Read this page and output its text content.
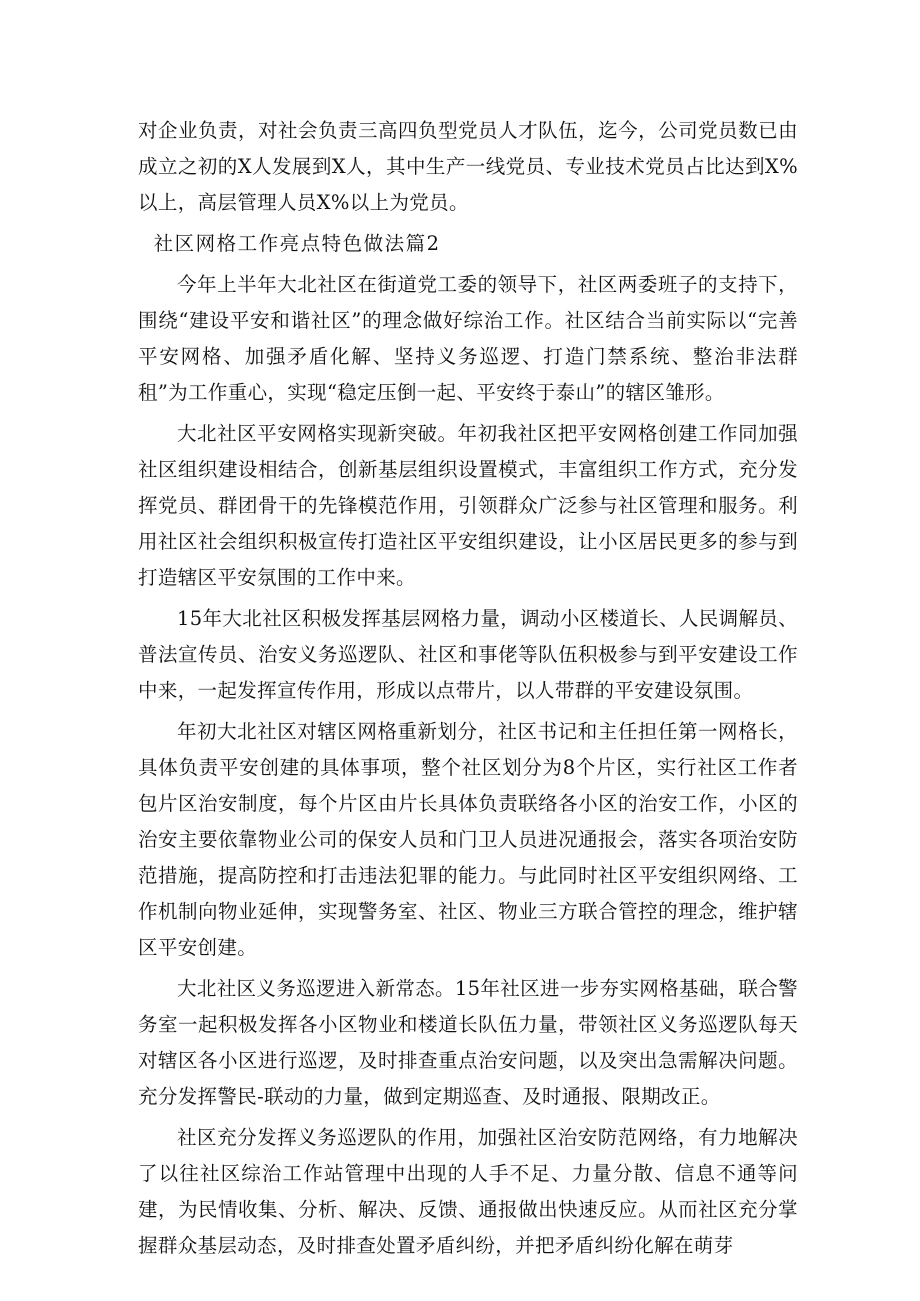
对企业负责，对社会负责三高四负型党员人才队伍，迄今，公司党员数已由成立之初的X人发展到X人，其中生产一线党员、专业技术党员占比达到X%以上，高层管理人员X%以上为党员。

社区网格工作亮点特色做法篇2

今年上半年大北社区在街道党工委的领导下，社区两委班子的支持下，围绕“建设平安和谐社区”的理念做好综治工作。社区结合当前实际以“完善平安网格、加强矛盾化解、坚持义务巡逻、打造门禁系统、整治非法群租”为工作重心，实现“稳定压倒一起、平安终于泰山”的辖区雏形。

大北社区平安网格实现新突破。年初我社区把平安网格创建工作同加强社区组织建设相结合，创新基层组织设置模式，丰富组织工作方式，充分发挥党员、群团骨干的先锋模范作用，引领群众广泛参与社区管理和服务。利用社区社会组织积极宣传打造社区平安组织建设，让小区居民更多的参与到打造辖区平安氛围的工作中来。

15年大北社区积极发挥基层网格力量，调动小区楼道长、人民调解员、普法宣传员、治安义务巡逻队、社区和事佬等队伍积极参与到平安建设工作中来，一起发挥宣传作用，形成以点带片，以人带群的平安建设氛围。

年初大北社区对辖区网格重新划分，社区书记和主任担任第一网格长，具体负责平安创建的具体事项，整个社区划分为8个片区，实行社区工作者包片区治安制度，每个片区由片长具体负责联络各小区的治安工作，小区的治安主要依靠物业公司的保安人员和门卫人员进况通报会，落实各项治安防范措施，提高防控和打击违法犯罪的能力。与此同时社区平安组织网络、工作机制向物业延伸，实现警务室、社区、物业三方联合管控的理念，维护辖区平安创建。

大北社区义务巡逻进入新常态。15年社区进一步夯实网格基础，联合警务室一起积极发挥各小区物业和楼道长队伍力量，带领社区义务巡逻队每天对辖区各小区进行巡逻，及时排查重点治安问题，以及突出急需解决问题。充分发挥警民-联动的力量，做到定期巡查、及时通报、限期改正。

社区充分发挥义务巡逻队的作用，加强社区治安防范网络，有力地解决了以往社区综治工作站管理中出现的人手不足、力量分散、信息不通等问建，为民情收集、分析、解决、反馈、通报做出快速反应。从而社区充分掌握群众基层动态，及时排查处置矛盾纠纷，并把矛盾纠纷化解在萌芽
